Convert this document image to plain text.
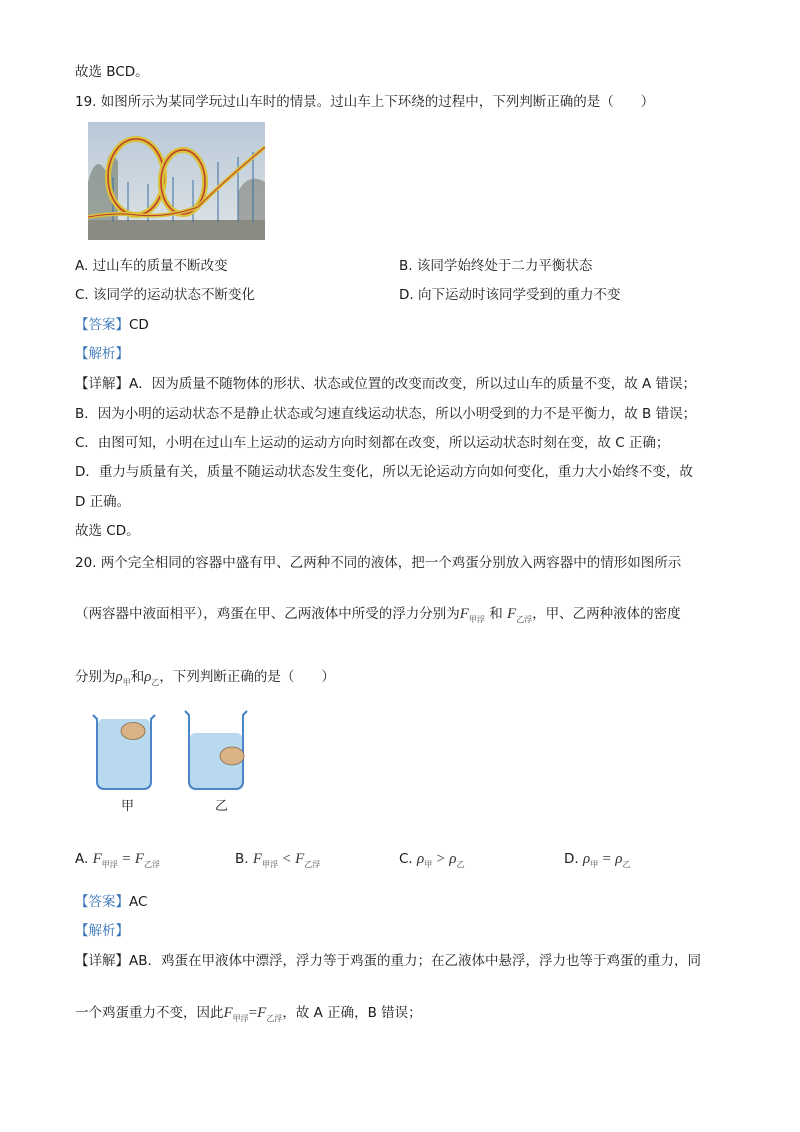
故选 BCD。
19. 如图所示为某同学玩过山车时的情景。过山车上下环绕的过程中，下列判断正确的是（　　）
A. 过山车的质量不断改变	B. 该同学始终处于二力平衡状态
C. 该同学的运动状态不断变化	D. 向下运动时该同学受到的重力不变
【答案】CD
【解析】
【详解】A．因为质量不随物体的形状、状态或位置的改变而改变，所以过山车的质量不变，故 A 错误；
B．因为小明的运动状态不是静止状态或匀速直线运动状态，所以小明受到的力不是平衡力，故 B 错误；
C．由图可知，小明在过山车上运动的运动方向时刻都在改变，所以运动状态时刻在变，故 C 正确；
D．重力与质量有关，质量不随运动状态发生变化，所以无论运动方向如何变化，重力大小始终不变，故
D 正确。
故选 CD。
20. 两个完全相同的容器中盛有甲、乙两种不同的液体，把一个鸡蛋分别放入两容器中的情形如图所示
（两容器中液面相平），鸡蛋在甲、乙两液体中所受的浮力分别为$F_{甲浮}$ 和 $F_{乙浮}$，甲、乙两种液体的密度
分别为$\rho_甲$和$\rho_乙$，下列判断正确的是（　　）
甲	乙
A. $F_{甲浮} = F_{乙浮}$	B. $F_{甲浮} < F_{乙浮}$	C. $\rho_甲 > \rho_乙$	D. $\rho_甲 = \rho_乙$
【答案】AC
【解析】
【详解】AB．鸡蛋在甲液体中漂浮，浮力等于鸡蛋的重力；在乙液体中悬浮，浮力也等于鸡蛋的重力，同
一个鸡蛋重力不变，因此$F_{甲浮}=F_{乙浮}$，故 A 正确，B 错误；
